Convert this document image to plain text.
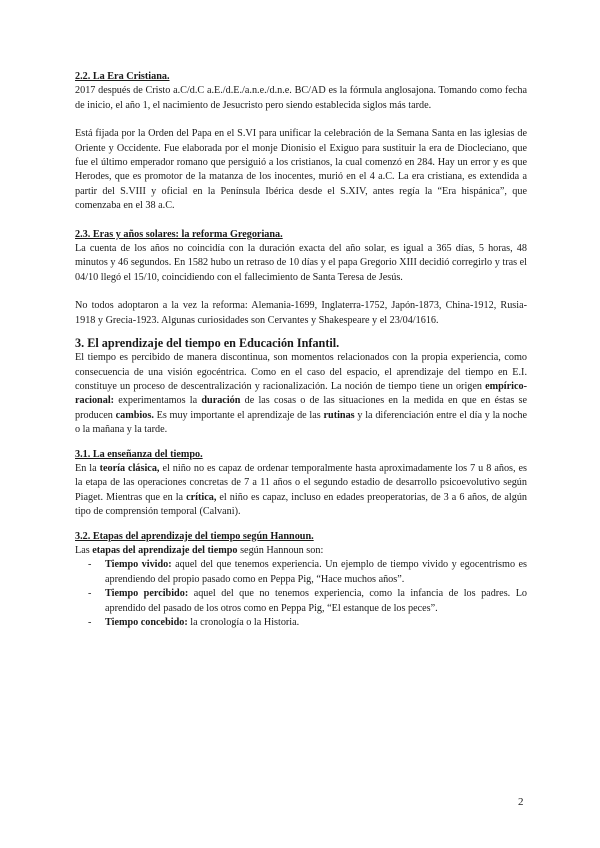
2.2. La Era Cristiana.

2017 después de Cristo a.C/d.C a.E./d.E./a.n.e./d.n.e. BC/AD es la fórmula anglosajona. Tomando como fecha de inicio, el año 1, el nacimiento de Jesucristo pero siendo establecida siglos más tarde.

Está fijada por la Orden del Papa en el S.VI para unificar la celebración de la Semana Santa en las iglesias de Oriente y Occidente. Fue elaborada por el monje Dionisio el Exiguo para sustituir la era de Diocleciano, que fue el último emperador romano que persiguió a los cristianos, la cual comenzó en 284. Hay un error y es que Herodes, que es promotor de la matanza de los inocentes, murió en el 4 a.C. La era cristiana, es extendida a partir del S.VIII y oficial en la Península Ibérica desde el S.XIV, antes regía la “Era hispánica”, que comenzaba en el 38 a.C.

2.3. Eras y años solares: la reforma Gregoriana.

La cuenta de los años no coincidía con la duración exacta del año solar, es igual a 365 días, 5 horas, 48 minutos y 46 segundos. En 1582 hubo un retraso de 10 días y el papa Gregorio XIII decidió corregirlo y tras el 04/10 llegó el 15/10, coincidiendo con el fallecimiento de Santa Teresa de Jesús.

No todos adoptaron a la vez la reforma: Alemania-1699, Inglaterra-1752, Japón-1873, China-1912, Rusia-1918 y Grecia-1923. Algunas curiosidades son Cervantes y Shakespeare y el 23/04/1616.

3. El aprendizaje del tiempo en Educación Infantil.

El tiempo es percibido de manera discontinua, son momentos relacionados con la propia experiencia, como consecuencia de una visión egocéntrica. Como en el caso del espacio, el aprendizaje del tiempo en E.I. constituye un proceso de descentralización y racionalización. La noción de tiempo tiene un origen empírico-racional: experimentamos la duración de las cosas o de las situaciones en la medida en que en éstas se producen cambios. Es muy importante el aprendizaje de las rutinas y la diferenciación entre el día y la noche o la mañana y la tarde.

3.1. La enseñanza del tiempo.

En la teoría clásica, el niño no es capaz de ordenar temporalmente hasta aproximadamente los 7 u 8 años, es la etapa de las operaciones concretas de 7 a 11 años o el segundo estadio de desarrollo psicoevolutivo según Piaget. Mientras que en la crítica, el niño es capaz, incluso en edades preoperatorias, de 3 a 6 años, de algún tipo de comprensión temporal (Calvani).

3.2. Etapas del aprendizaje del tiempo según Hannoun.

Las etapas del aprendizaje del tiempo según Hannoun son:

- Tiempo vivido: aquel del que tenemos experiencia. Un ejemplo de tiempo vivido y egocentrismo es aprendiendo del propio pasado como en Peppa Pig, “Hace muchos años”.
- Tiempo percibido: aquel del que no tenemos experiencia, como la infancia de los padres. Lo aprendido del pasado de los otros como en Peppa Pig, “El estanque de los peces”.
- Tiempo concebido: la cronología o la Historia.
2
